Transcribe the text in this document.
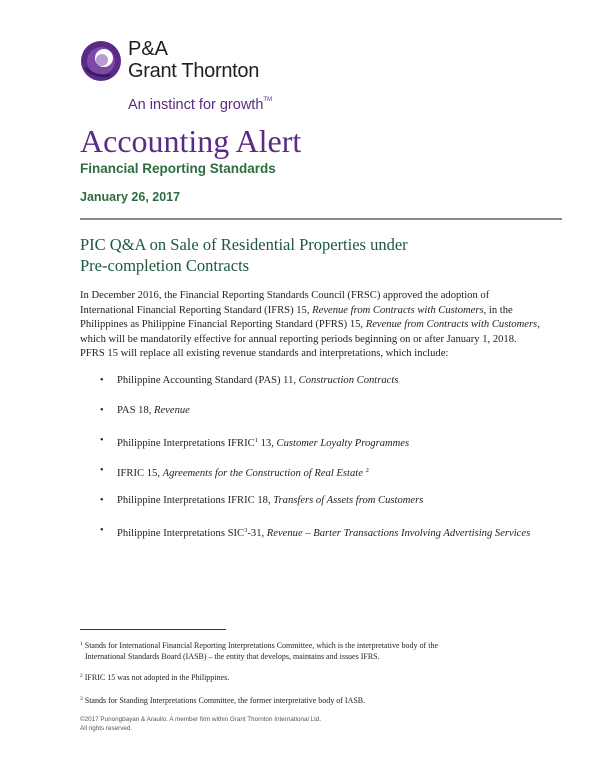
P&A
Grant Thornton
An instinct for growth™
Accounting Alert
Financial Reporting Standards
January 26, 2017
PIC Q&A on Sale of Residential Properties under
Pre-completion Contracts
In December 2016, the Financial Reporting Standards Council (FRSC) approved the adoption of
International Financial Reporting Standard (IFRS) 15, Revenue from Contracts with Customers, in the
Philippines as Philippine Financial Reporting Standard (PFRS) 15, Revenue from Contracts with Customers,
which will be mandatorily effective for annual reporting periods beginning on or after January 1, 2018.
PFRS 15 will replace all existing revenue standards and interpretations, which include:
• Philippine Accounting Standard (PAS) 11, Construction Contracts
• PAS 18, Revenue
• Philippine Interpretations IFRIC$^1$ 13, Customer Loyalty Programmes
• IFRIC 15, Agreements for the Construction of Real Estate $^2$
• Philippine Interpretations IFRIC 18, Transfers of Assets from Customers
• Philippine Interpretations SIC$^3$-31, Revenue – Barter Transactions Involving Advertising Services
$^1$ Stands for International Financial Reporting Interpretations Committee, which is the interpretative body of the
International Standards Board (IASB) – the entity that develops, maintains and issues IFRS.
$^2$ IFRIC 15 was not adopted in the Philippines.
$^3$ Stands for Standing Interpretations Committee, the former interpretative body of IASB.
©2017 Punongbayan & Araullo. A member firm within Grant Thornton International Ltd.
All rights reserved.
